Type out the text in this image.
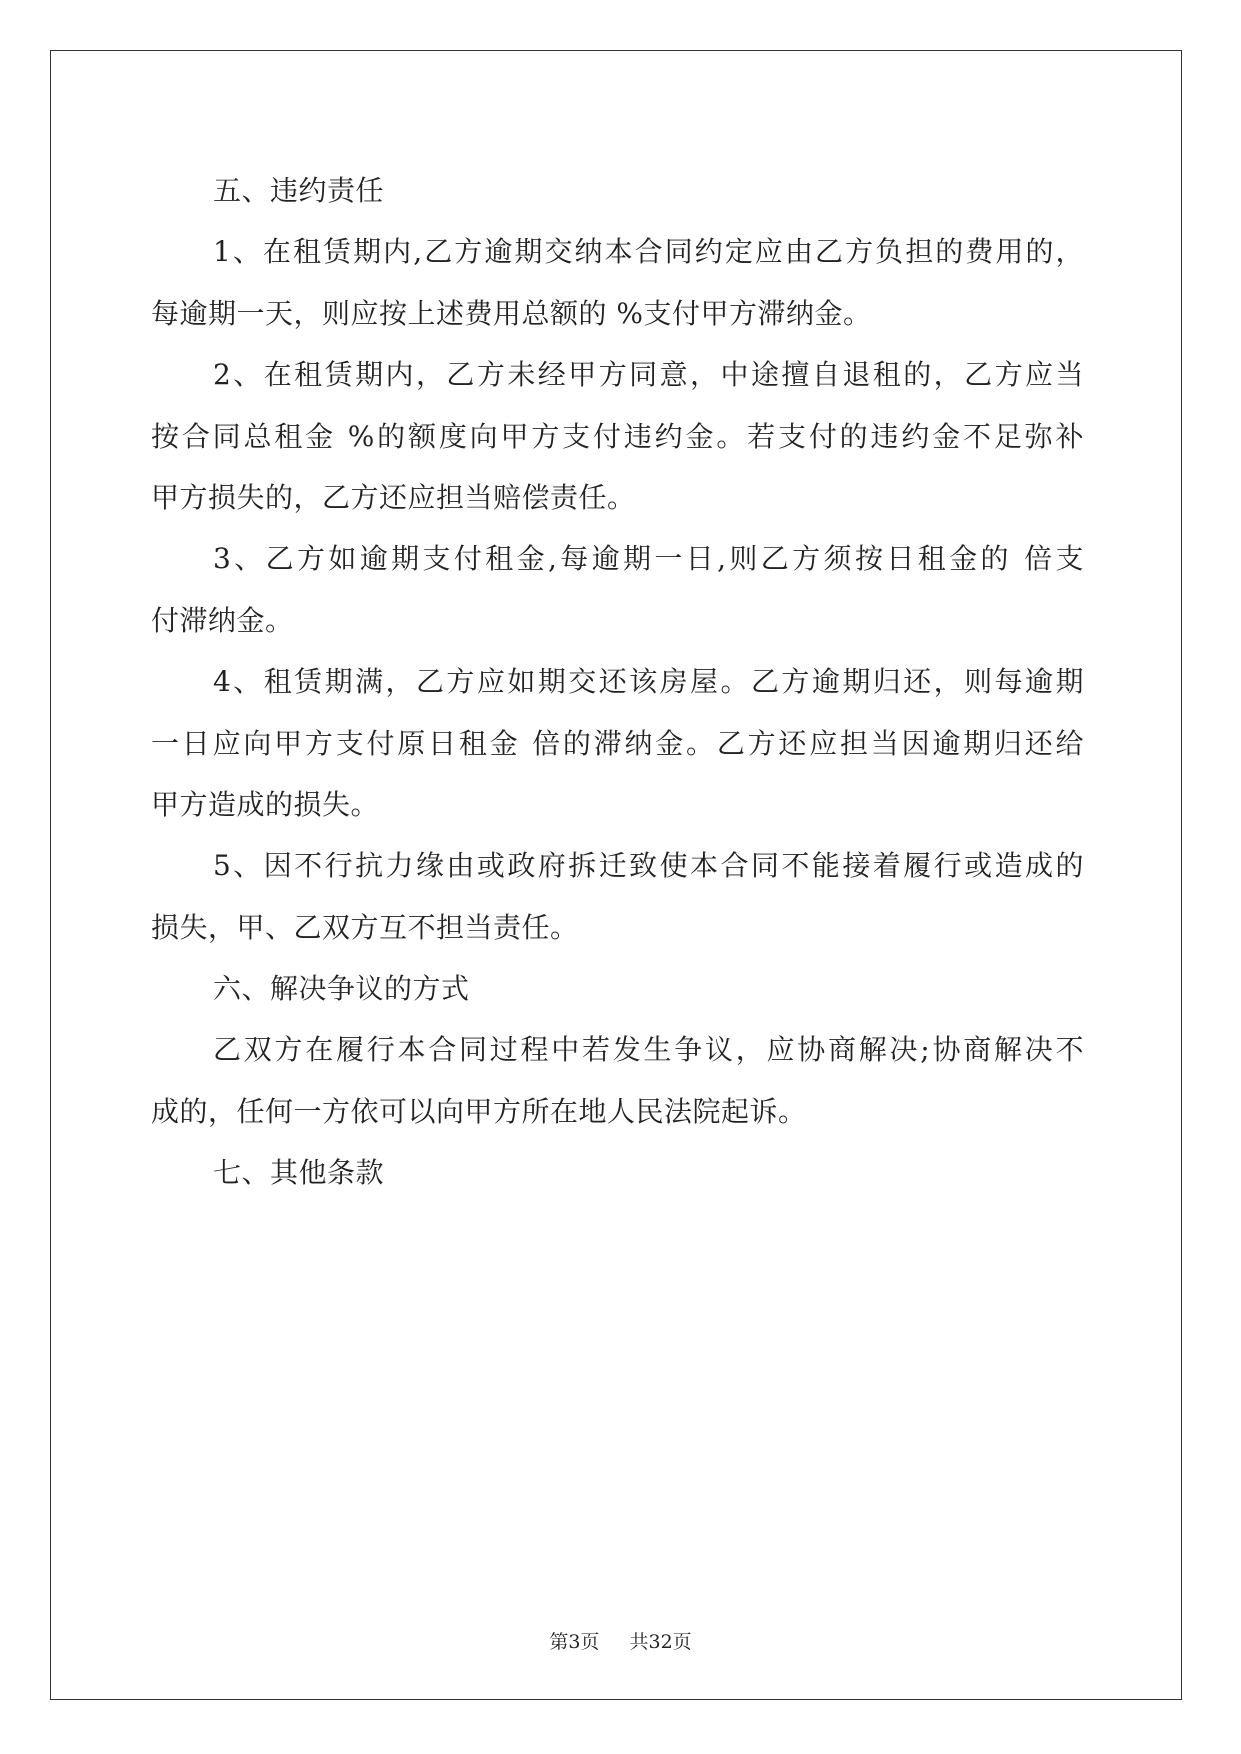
五、违约责任

1、在租赁期内,乙方逾期交纳本合同约定应由乙方负担的费用的，

每逾期一天，则应按上述费用总额的 %支付甲方滞纳金。

2、在租赁期内，乙方未经甲方同意，中途擅自退租的，乙方应当

按合同总租金 %的额度向甲方支付违约金。若支付的违约金不足弥补

甲方损失的，乙方还应担当赔偿责任。

3、乙方如逾期支付租金,每逾期一日,则乙方须按日租金的 倍支

付滞纳金。

4、租赁期满，乙方应如期交还该房屋。乙方逾期归还，则每逾期

一日应向甲方支付原日租金 倍的滞纳金。乙方还应担当因逾期归还给

甲方造成的损失。

5、因不行抗力缘由或政府拆迁致使本合同不能接着履行或造成的

损失，甲、乙双方互不担当责任。

六、解决争议的方式

乙双方在履行本合同过程中若发生争议，应协商解决;协商解决不

成的，任何一方依可以向甲方所在地人民法院起诉。

七、其他条款

第3页 共32页
